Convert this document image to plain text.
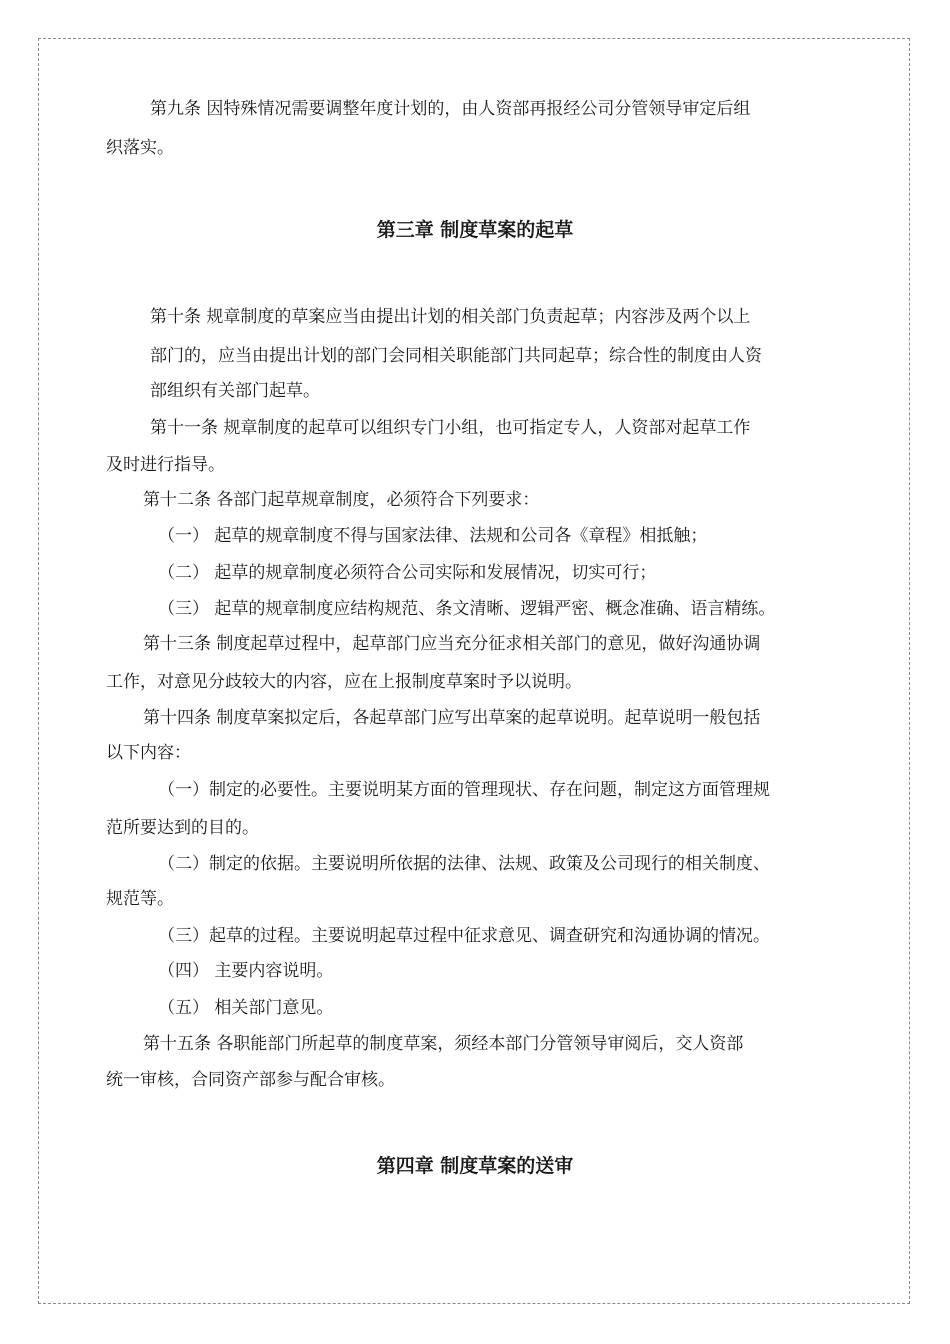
第九条 因特殊情况需要调整年度计划的，由人资部再报经公司分管领导审定后组
织落实。
第三章 制度草案的起草
第十条 规章制度的草案应当由提出计划的相关部门负责起草；内容涉及两个以上
部门的，应当由提出计划的部门会同相关职能部门共同起草；综合性的制度由人资
部组织有关部门起草。
第十一条 规章制度的起草可以组织专门小组，也可指定专人，人资部对起草工作
及时进行指导。
第十二条 各部门起草规章制度，必须符合下列要求：
（一） 起草的规章制度不得与国家法律、法规和公司各《章程》相抵触；
（二） 起草的规章制度必须符合公司实际和发展情况，切实可行；
（三） 起草的规章制度应结构规范、条文清晰、逻辑严密、概念准确、语言精练。
第十三条 制度起草过程中，起草部门应当充分征求相关部门的意见，做好沟通协调
工作，对意见分歧较大的内容，应在上报制度草案时予以说明。
第十四条 制度草案拟定后，各起草部门应写出草案的起草说明。起草说明一般包括
以下内容：
（一）制定的必要性。主要说明某方面的管理现状、存在问题，制定这方面管理规
范所要达到的目的。
（二）制定的依据。主要说明所依据的法律、法规、政策及公司现行的相关制度、
规范等。
（三）起草的过程。主要说明起草过程中征求意见、调查研究和沟通协调的情况。
（四） 主要内容说明。
（五） 相关部门意见。
第十五条 各职能部门所起草的制度草案，须经本部门分管领导审阅后，交人资部
统一审核，合同资产部参与配合审核。
第四章 制度草案的送审
